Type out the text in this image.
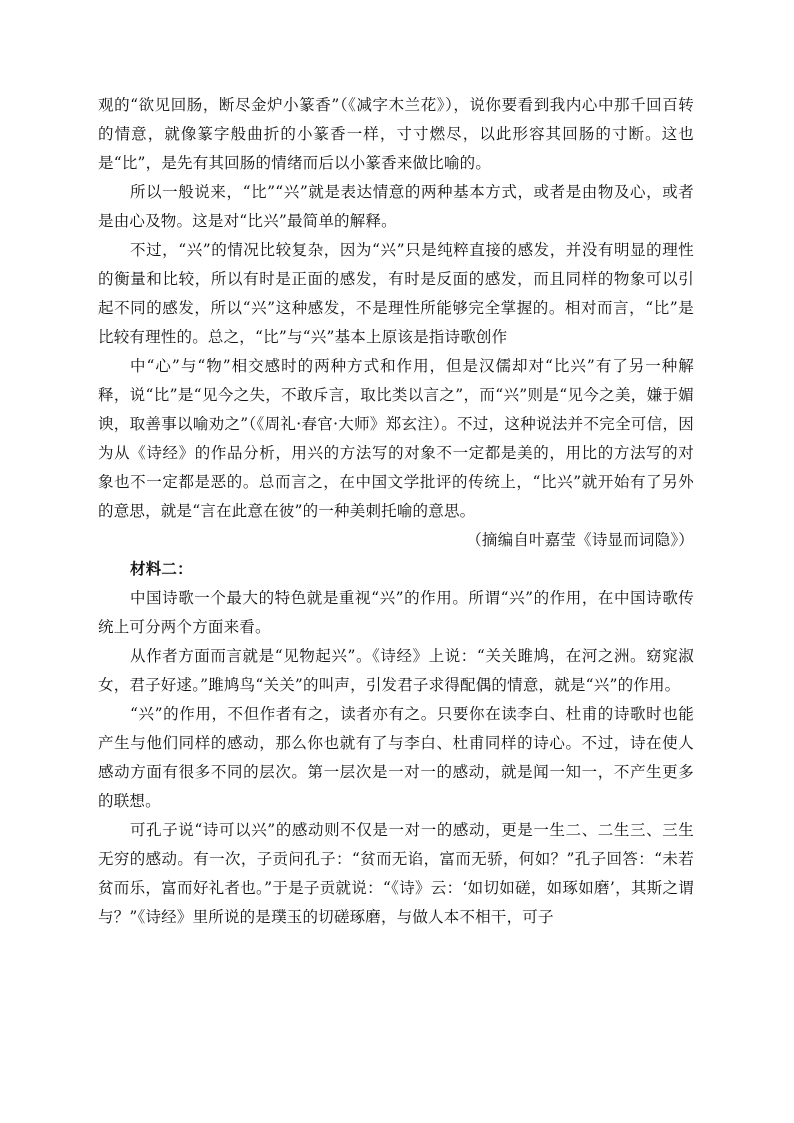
观的“欲见回肠，断尽金炉小篆香”（《减字木兰花》），说你要看到我内心中那千回百转的情意，就像篆字般曲折的小篆香一样，寸寸燃尽，以此形容其回肠的寸断。这也是“比”，是先有其回肠的情绪而后以小篆香来做比喻的。

所以一般说来，“比”“兴”就是表达情意的两种基本方式，或者是由物及心，或者是由心及物。这是对“比兴”最简单的解释。

不过，“兴”的情况比较复杂，因为“兴”只是纯粹直接的感发，并没有明显的理性的衡量和比较，所以有时是正面的感发，有时是反面的感发，而且同样的物象可以引起不同的感发，所以“兴”这种感发，不是理性所能够完全掌握的。相对而言，“比”是比较有理性的。总之，“比”与“兴”基本上原该是指诗歌创作

中“心”与“物”相交感时的两种方式和作用，但是汉儒却对“比兴”有了另一种解释，说“比”是“见今之失，不敢斥言，取比类以言之”，而“兴”则是“见今之美，嫌于媚谀，取善事以喻劝之”（《周礼·春官·大师》郑玄注）。不过，这种说法并不完全可信，因为从《诗经》的作品分析，用兴的方法写的对象不一定都是美的，用比的方法写的对象也不一定都是恶的。总而言之，在中国文学批评的传统上，“比兴”就开始有了另外的意思，就是“言在此意在彼”的一种美刺托喻的意思。

（摘编自叶嘉莹《诗显而词隐》）

材料二：

中国诗歌一个最大的特色就是重视“兴”的作用。所谓“兴”的作用，在中国诗歌传统上可分两个方面来看。

从作者方面而言就是“见物起兴”。《诗经》上说：“关关雎鸠，在河之洲。窈窕淑女，君子好逑。”雎鸠鸟“关关”的叫声，引发君子求得配偶的情意，就是“兴”的作用。

“兴”的作用，不但作者有之，读者亦有之。只要你在读李白、杜甫的诗歌时也能产生与他们同样的感动，那么你也就有了与李白、杜甫同样的诗心。不过，诗在使人感动方面有很多不同的层次。第一层次是一对一的感动，就是闻一知一，不产生更多的联想。

可孔子说“诗可以兴”的感动则不仅是一对一的感动，更是一生二、二生三、三生无穷的感动。有一次，子贡问孔子：“贫而无谄，富而无骄，何如？”孔子回答：“未若贫而乐，富而好礼者也。”于是子贡就说：“《诗》云：‘如切如磋，如琢如磨’，其斯之谓与？”《诗经》里所说的是璞玉的切磋琢磨，与做人本不相干，可子
